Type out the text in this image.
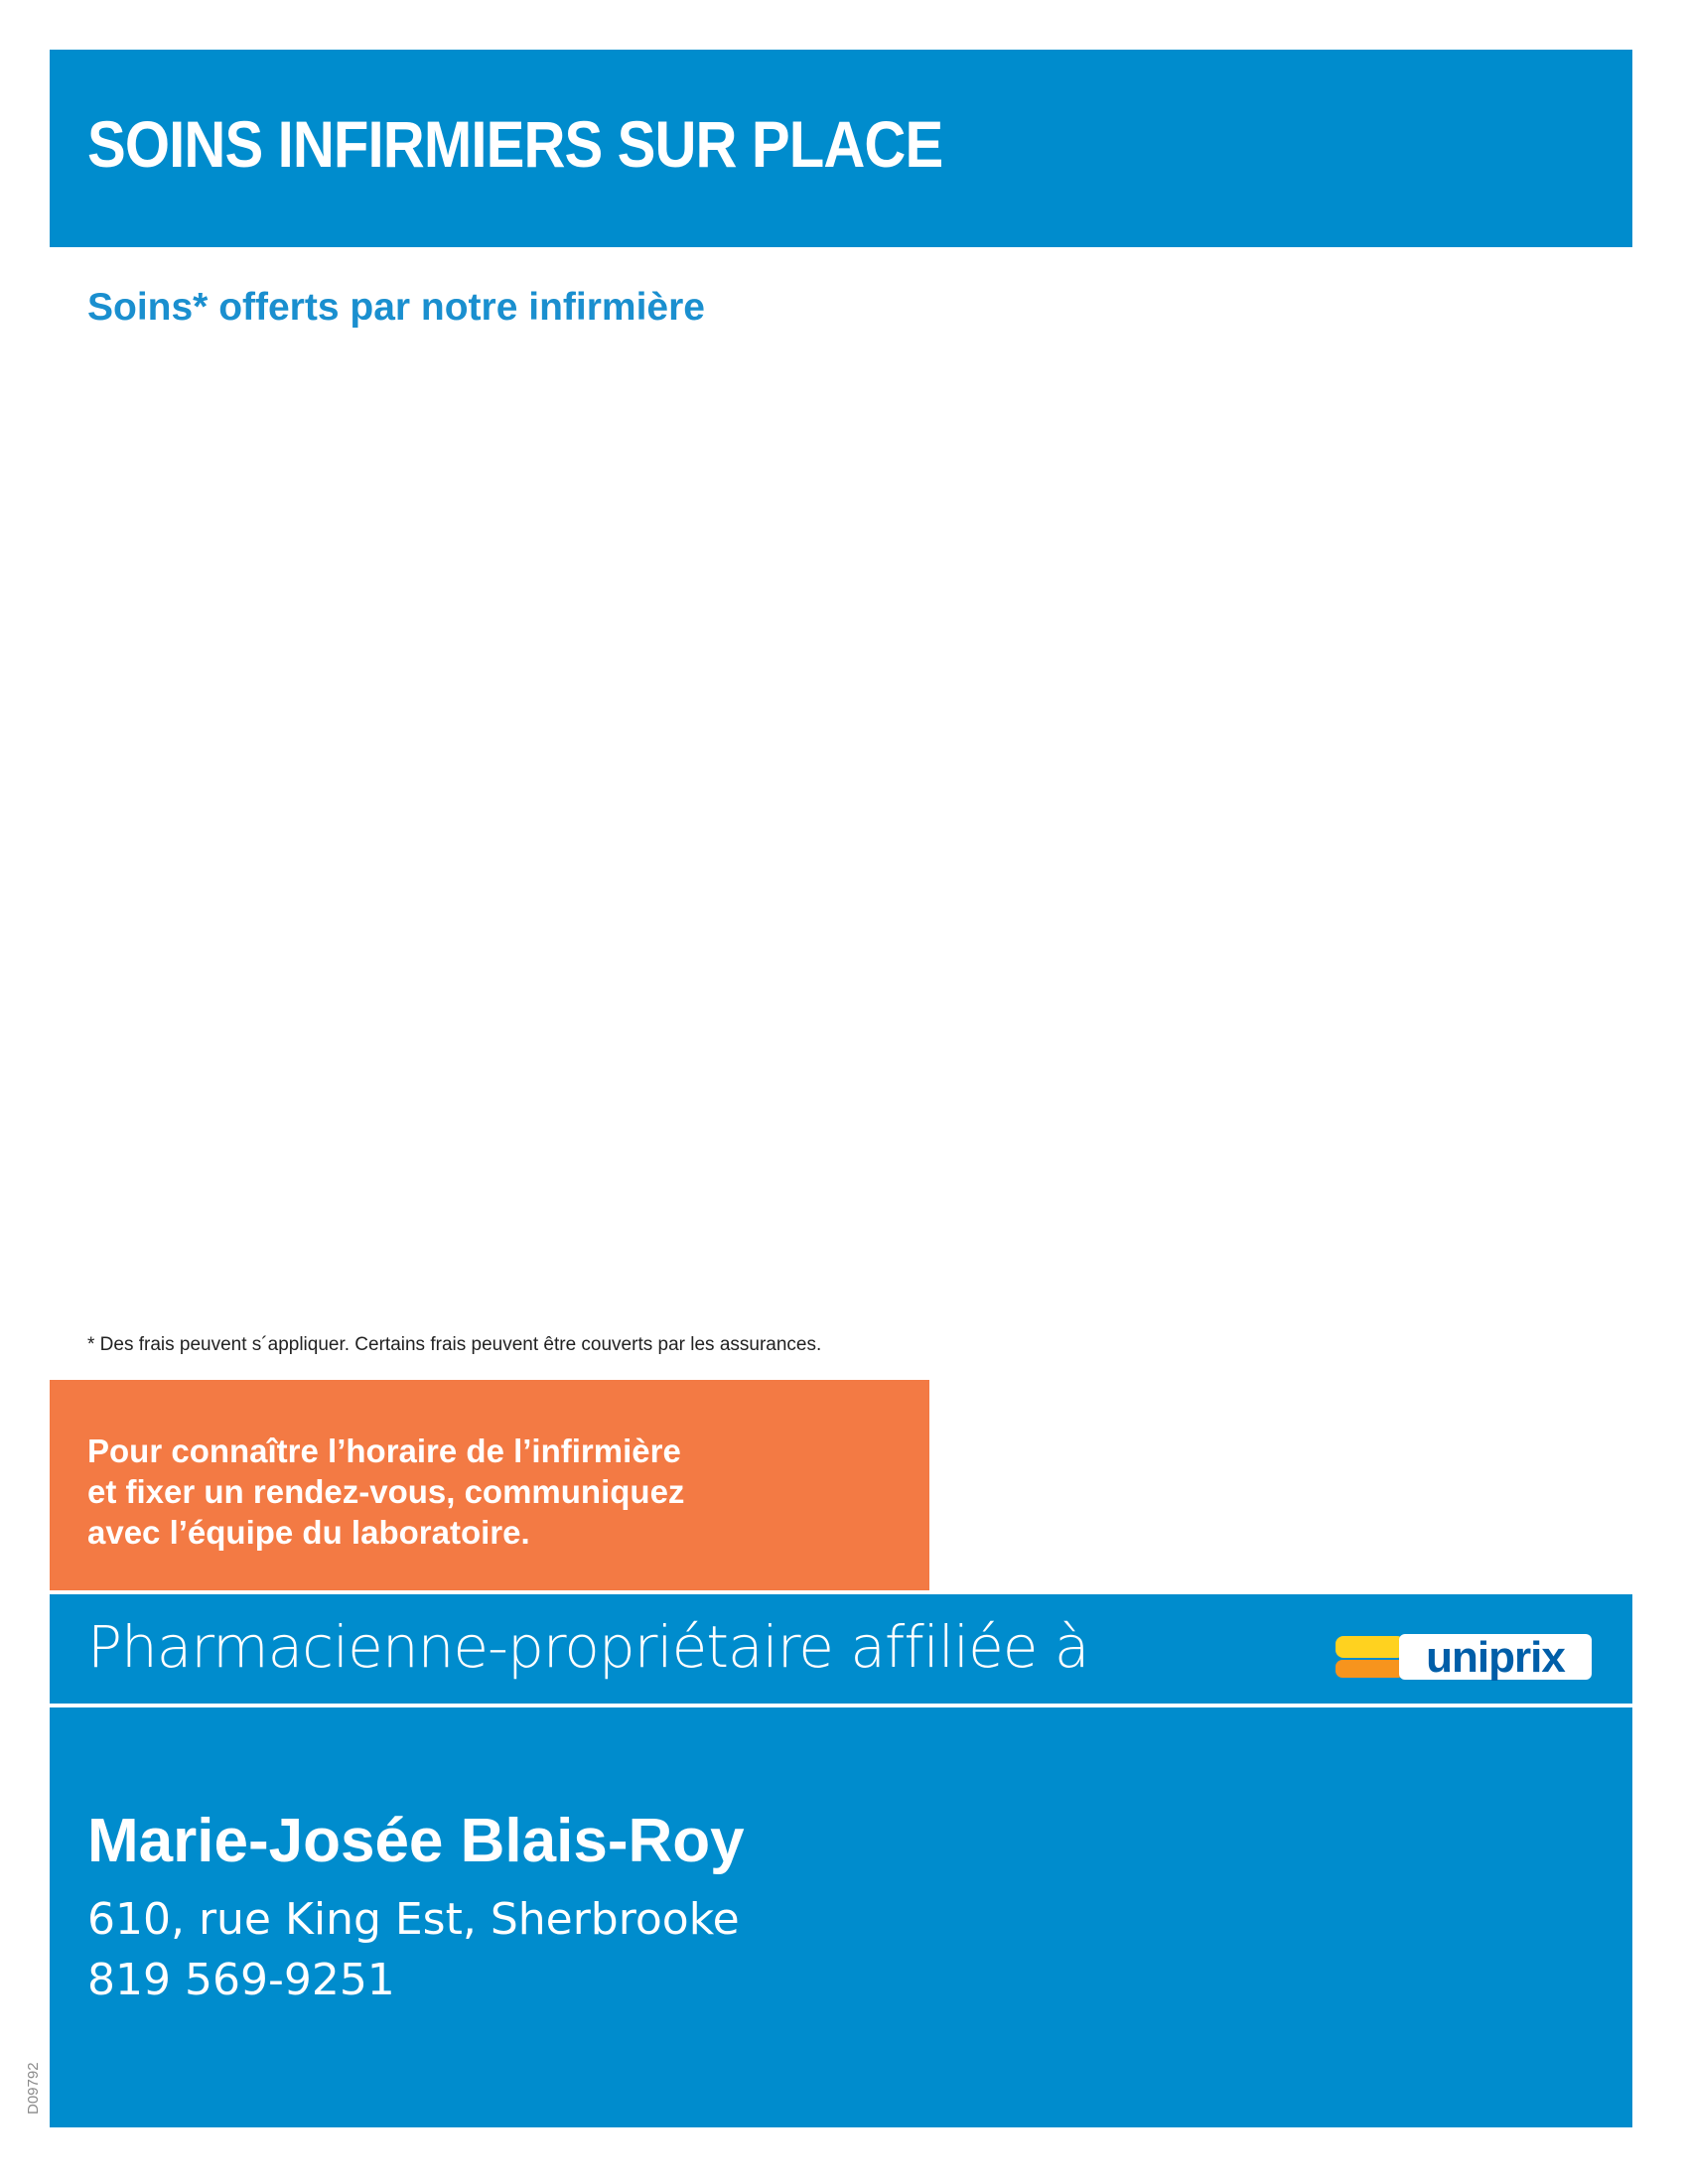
SOINS INFIRMIERS SUR PLACE
Soins* offerts par notre infirmière

* Des frais peuvent s´appliquer. Certains frais peuvent être couverts par les assurances.

Pour connaître l’horaire de l’infirmière

et fixer un rendez-vous, communiquez

avec l’équipe du laboratoire.

Pharmacienne-propriétaire affiliée à	uniprix

Marie-Josée Blais-Roy

610, rue King Est, Sherbrooke

819 569-9251

D09792
